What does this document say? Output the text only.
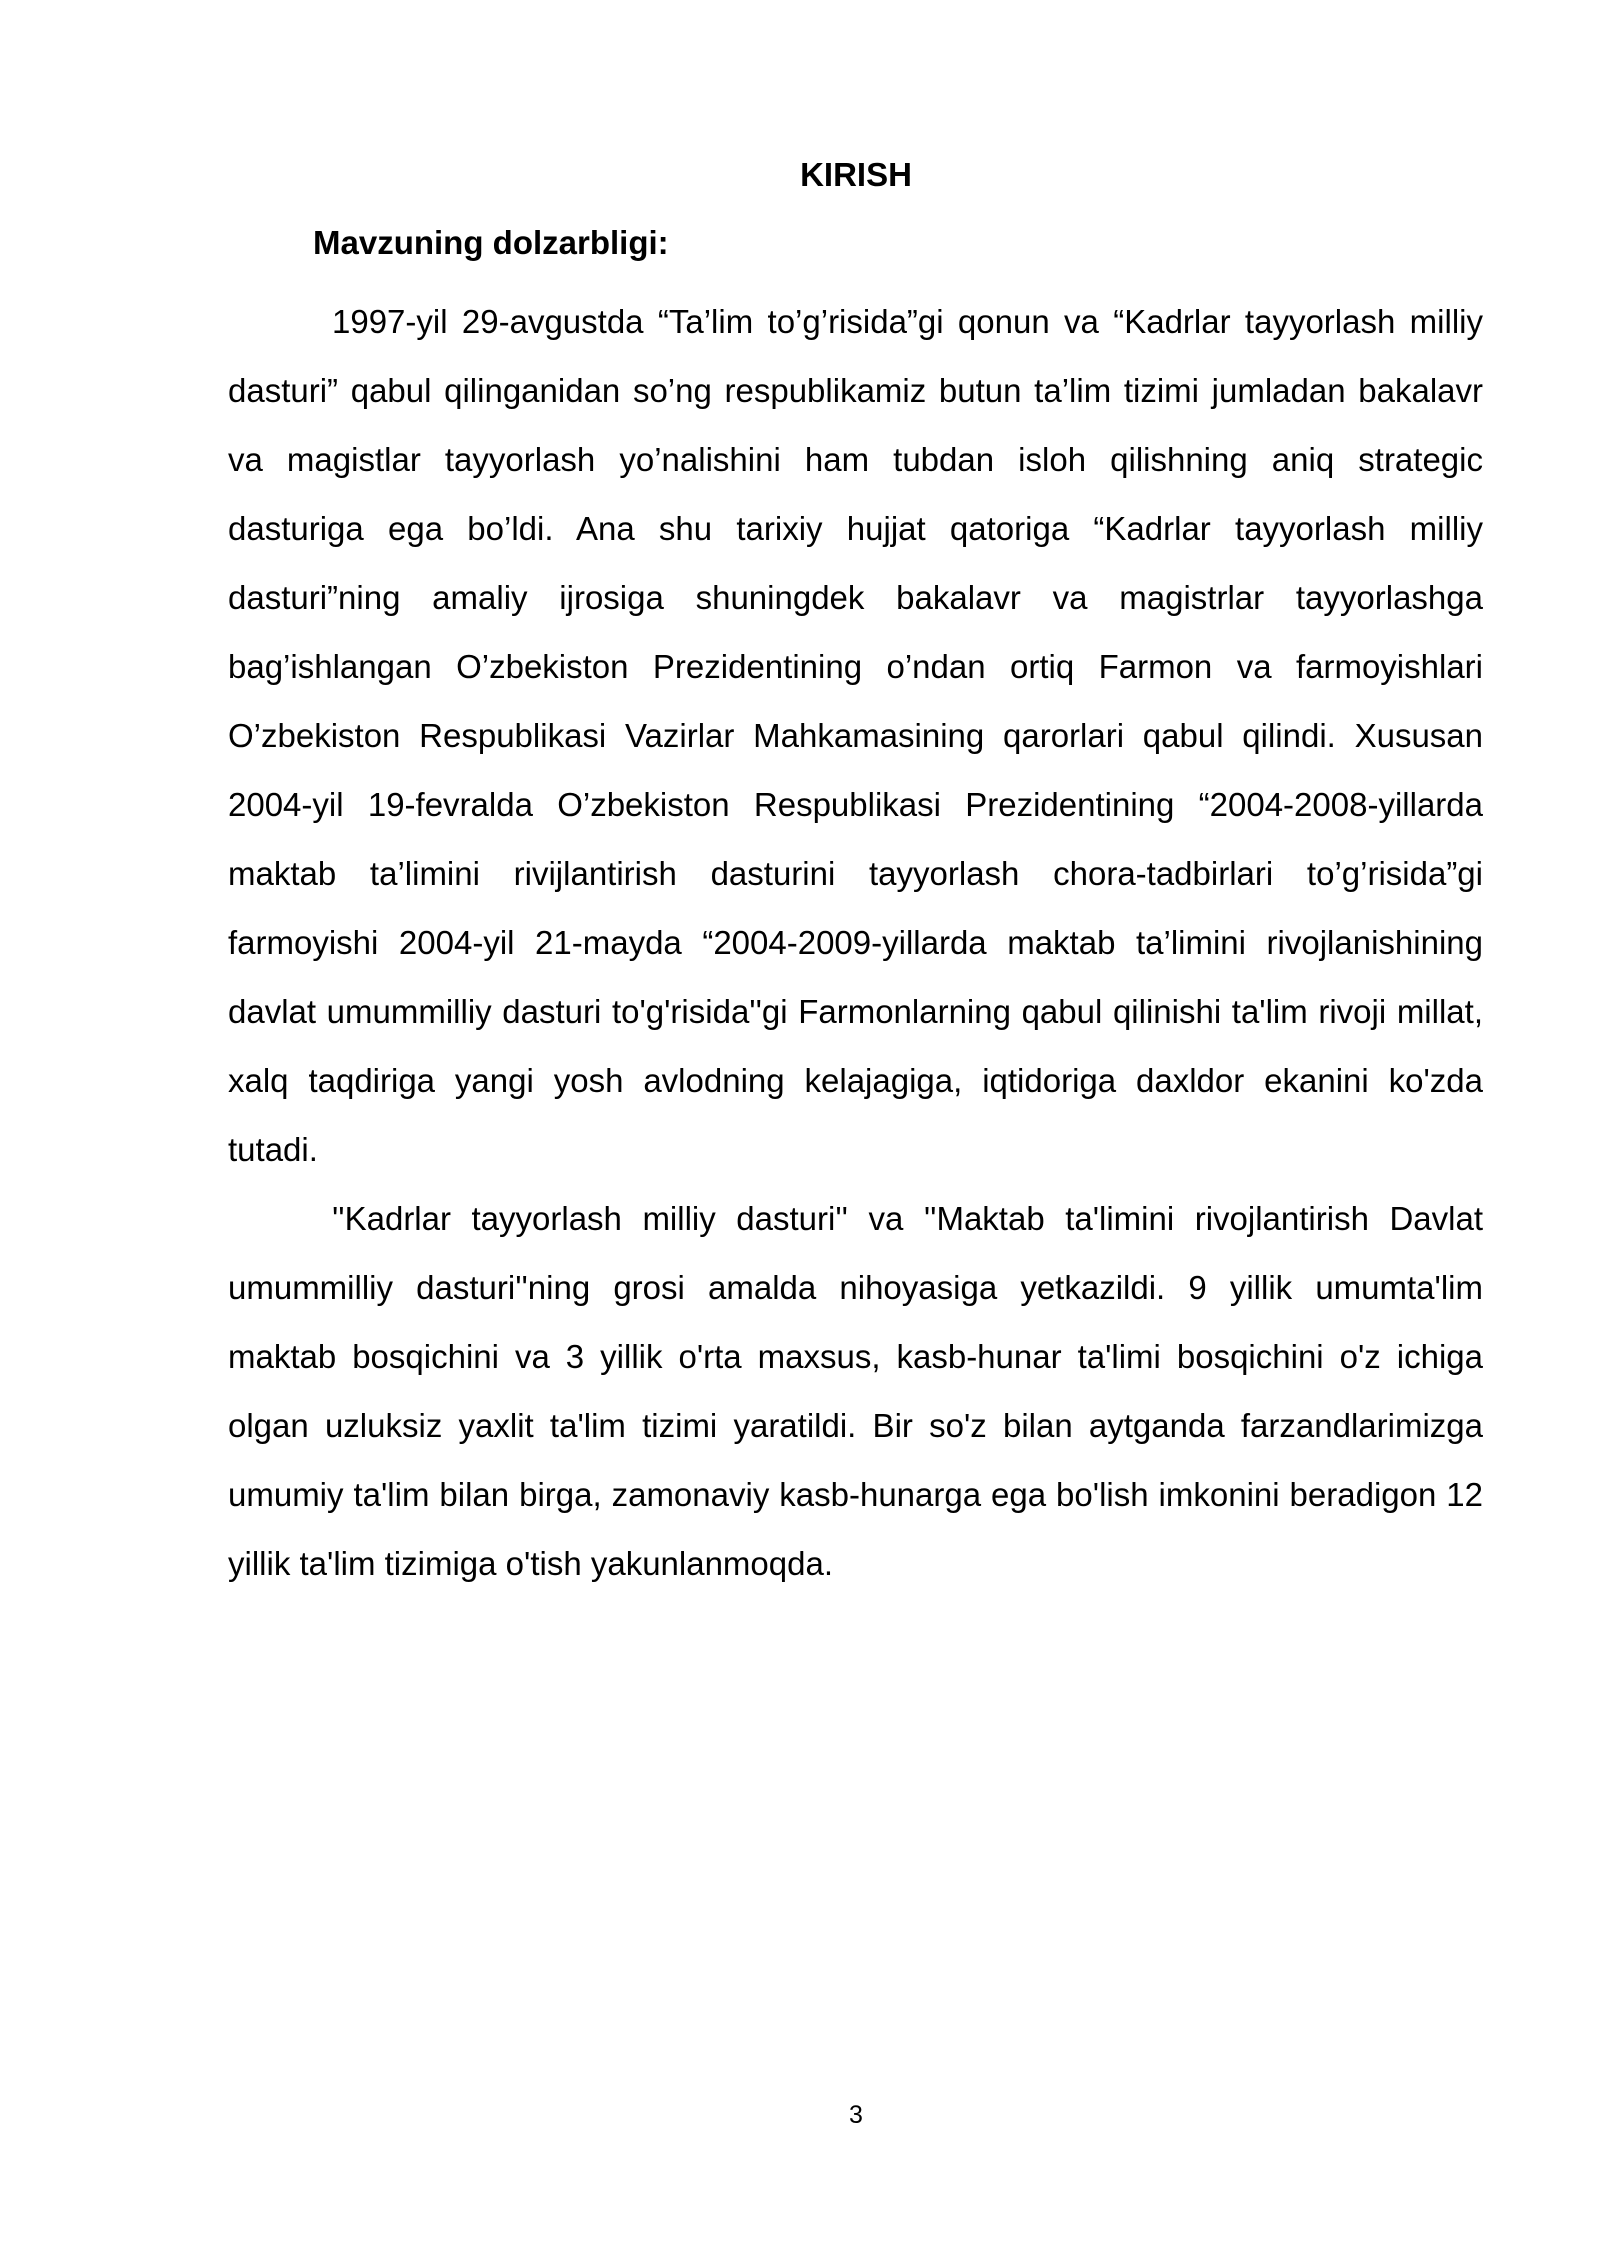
KIRISH
Mavzuning dolzarbligi:

1997-yil 29-avgustda “Ta’lim to’g’risida”gi qonun va “Kadrlar tayyorlash milliy dasturi” qabul qilinganidan so’ng respublikamiz butun ta’lim tizimi jumladan bakalavr va magistlar tayyorlash yo’nalishini ham tubdan isloh qilishning aniq strategic dasturiga ega bo’ldi. Ana shu tarixiy hujjat qatoriga “Kadrlar tayyorlash milliy dasturi”ning amaliy ijrosiga shuningdek bakalavr va magistrlar tayyorlashga bag’ishlangan O’zbekiston Prezidentining o’ndan ortiq Farmon va farmoyishlari O’zbekiston Respublikasi Vazirlar Mahkamasining qarorlari qabul qilindi. Xususan 2004-yil 19-fevralda O’zbekiston Respublikasi Prezidentining “2004-2008-yillarda maktab ta’limini rivijlantirish dasturini tayyorlash chora-tadbirlari to’g’risida”gi farmoyishi 2004-yil 21-mayda “2004-2009-yillarda maktab ta’limini rivojlanishining davlat umummilliy dasturi to'g'risida''gi Farmonlarning qabul qilinishi ta'lim rivoji millat, xalq taqdiriga yangi yosh avlodning kelajagiga, iqtidoriga daxldor ekanini ko'zda tutadi.

''Kadrlar tayyorlash milliy dasturi'' va ''Maktab ta'limini rivojlantirish Davlat umummilliy dasturi''ning grosi amalda nihoyasiga yetkazildi. 9 yillik umumta'lim maktab bosqichini va 3 yillik o'rta maxsus, kasb-hunar ta'limi bosqichini o'z ichiga olgan uzluksiz yaxlit ta'lim tizimi yaratildi. Bir so'z bilan aytganda farzandlarimizga umumiy ta'lim bilan birga, zamonaviy kasb-hunarga ega bo'lish imkonini beradigon 12 yillik ta'lim tizimiga o'tish yakunlanmoqda.

3
